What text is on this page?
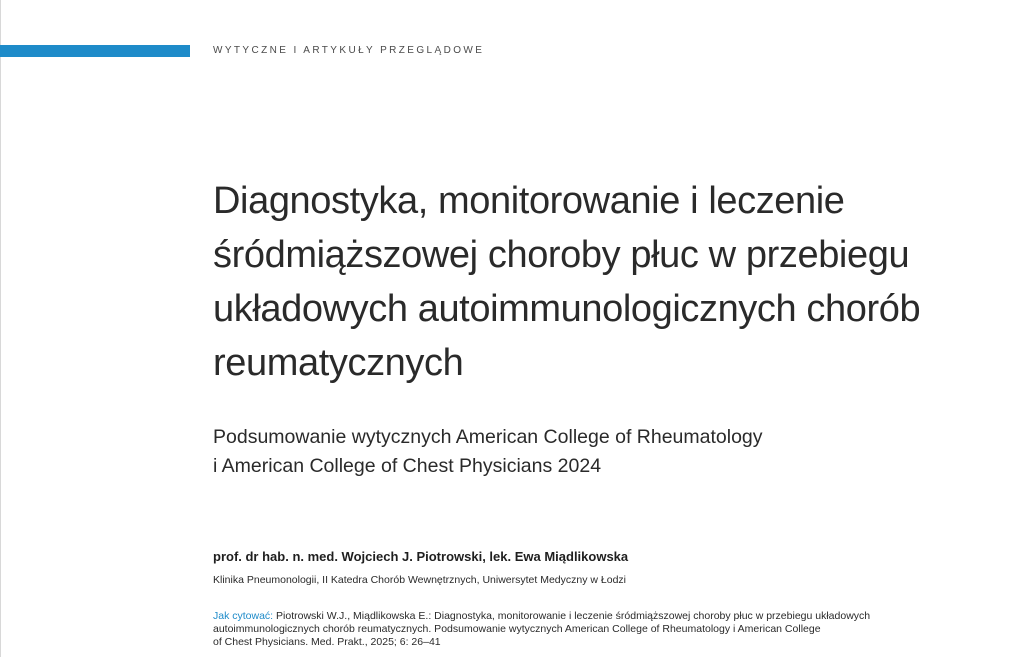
WYTYCZNE I ARTYKUŁY PRZEGLĄDOWE
Diagnostyka, monitorowanie i leczenie
śródmiąższowej choroby płuc w przebiegu
układowych autoimmunologicznych chorób
reumatycznych
Podsumowanie wytycznych American College of Rheumatology
i American College of Chest Physicians 2024
prof. dr hab. n. med. Wojciech J. Piotrowski, lek. Ewa Miądlikowska
Klinika Pneumonologii, II Katedra Chorób Wewnętrznych, Uniwersytet Medyczny w Łodzi
Jak cytować: Piotrowski W.J., Miądlikowska E.: Diagnostyka, monitorowanie i leczenie śródmiąższowej choroby płuc w przebiegu układowych
autoimmunologicznych chorób reumatycznych. Podsumowanie wytycznych American College of Rheumatology i American College
of Chest Physicians. Med. Prakt., 2025; 6: 26–41
